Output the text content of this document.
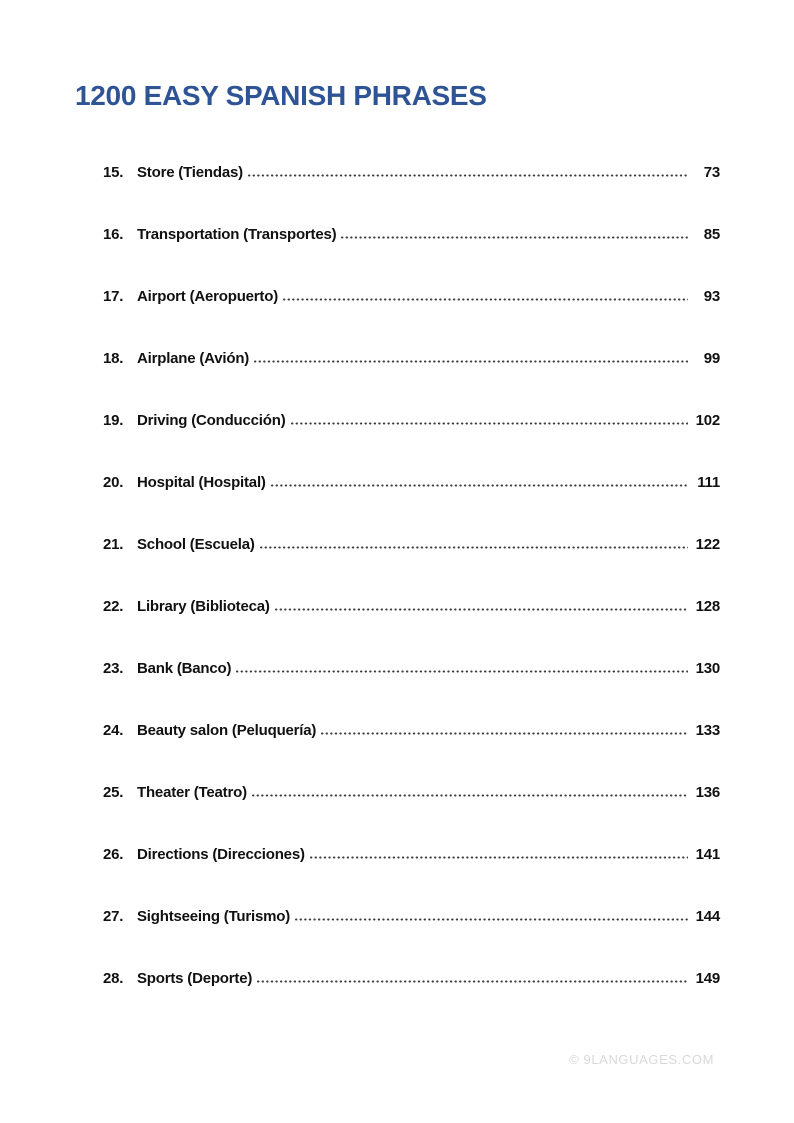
1200 EASY SPANISH PHRASES
15. Store (Tiendas)	73
16. Transportation (Transportes)	85
17. Airport (Aeropuerto)	93
18. Airplane (Avión)	99
19. Driving (Conducción)	102
20. Hospital (Hospital)	111
21. School (Escuela)	122
22. Library (Biblioteca)	128
23. Bank (Banco)	130
24. Beauty salon (Peluquería)	133
25. Theater (Teatro)	136
26. Directions (Direcciones)	141
27. Sightseeing (Turismo)	144
28. Sports (Deporte)	149
© 9LANGUAGES.COM
